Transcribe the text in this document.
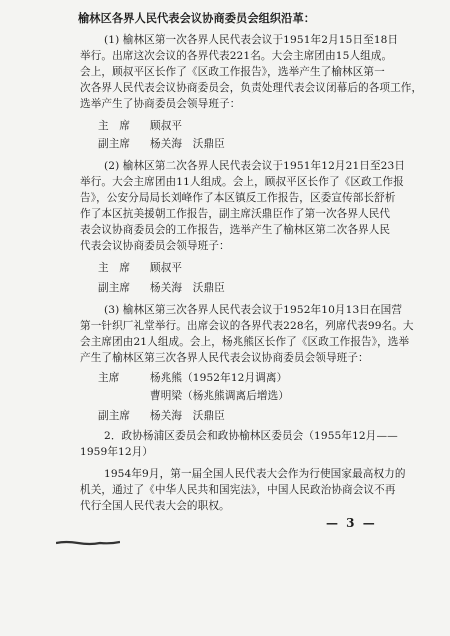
榆林区各界人民代表会议协商委员会组织沿革：
(1) 榆林区第一次各界人民代表会议于1951年2月15日至18日
举行。出席这次会议的各界代表221名。大会主席团由15人组成。
会上，顾叔平区长作了《区政工作报告》，选举产生了榆林区第一
次各界人民代表会议协商委员会，负责处理代表会议闭幕后的各项工作，
选举产生了协商委员会领导班子：
主　席 顾叔平
副主席 杨关海　沃鼎臣
(2) 榆林区第二次各界人民代表会议于1951年12月21日至23日
举行。大会主席团由11人组成。会上，顾叔平区长作了《区政工作报
告》，公安分局局长刘峰作了本区镇反工作报告，区委宣传部长舒析
作了本区抗美援朝工作报告，副主席沃鼎臣作了第一次各界人民代
表会议协商委员会的工作报告，选举产生了榆林区第二次各界人民
代表会议协商委员会领导班子：
主　席 顾叔平
副主席 杨关海　沃鼎臣
(3) 榆林区第三次各界人民代表会议于1952年10月13日在国营
第一针织厂礼堂举行。出席会议的各界代表228名，列席代表99名。大
会主席团由21人组成。会上，杨兆熊区长作了《区政工作报告》，选举
产生了榆林区第三次各界人民代表会议协商委员会领导班子：
主席	杨兆熊（1952年12月调离）
曹明梁（杨兆熊调离后增选）
副主席 杨关海　沃鼎臣
2．政协杨浦区委员会和政协榆林区委员会（1955年12月——
1959年12月）
1954年9月，第一届全国人民代表大会作为行使国家最高权力的
机关，通过了《中华人民共和国宪法》，中国人民政治协商会议不再
代行全国人民代表大会的职权。
— 3 —
